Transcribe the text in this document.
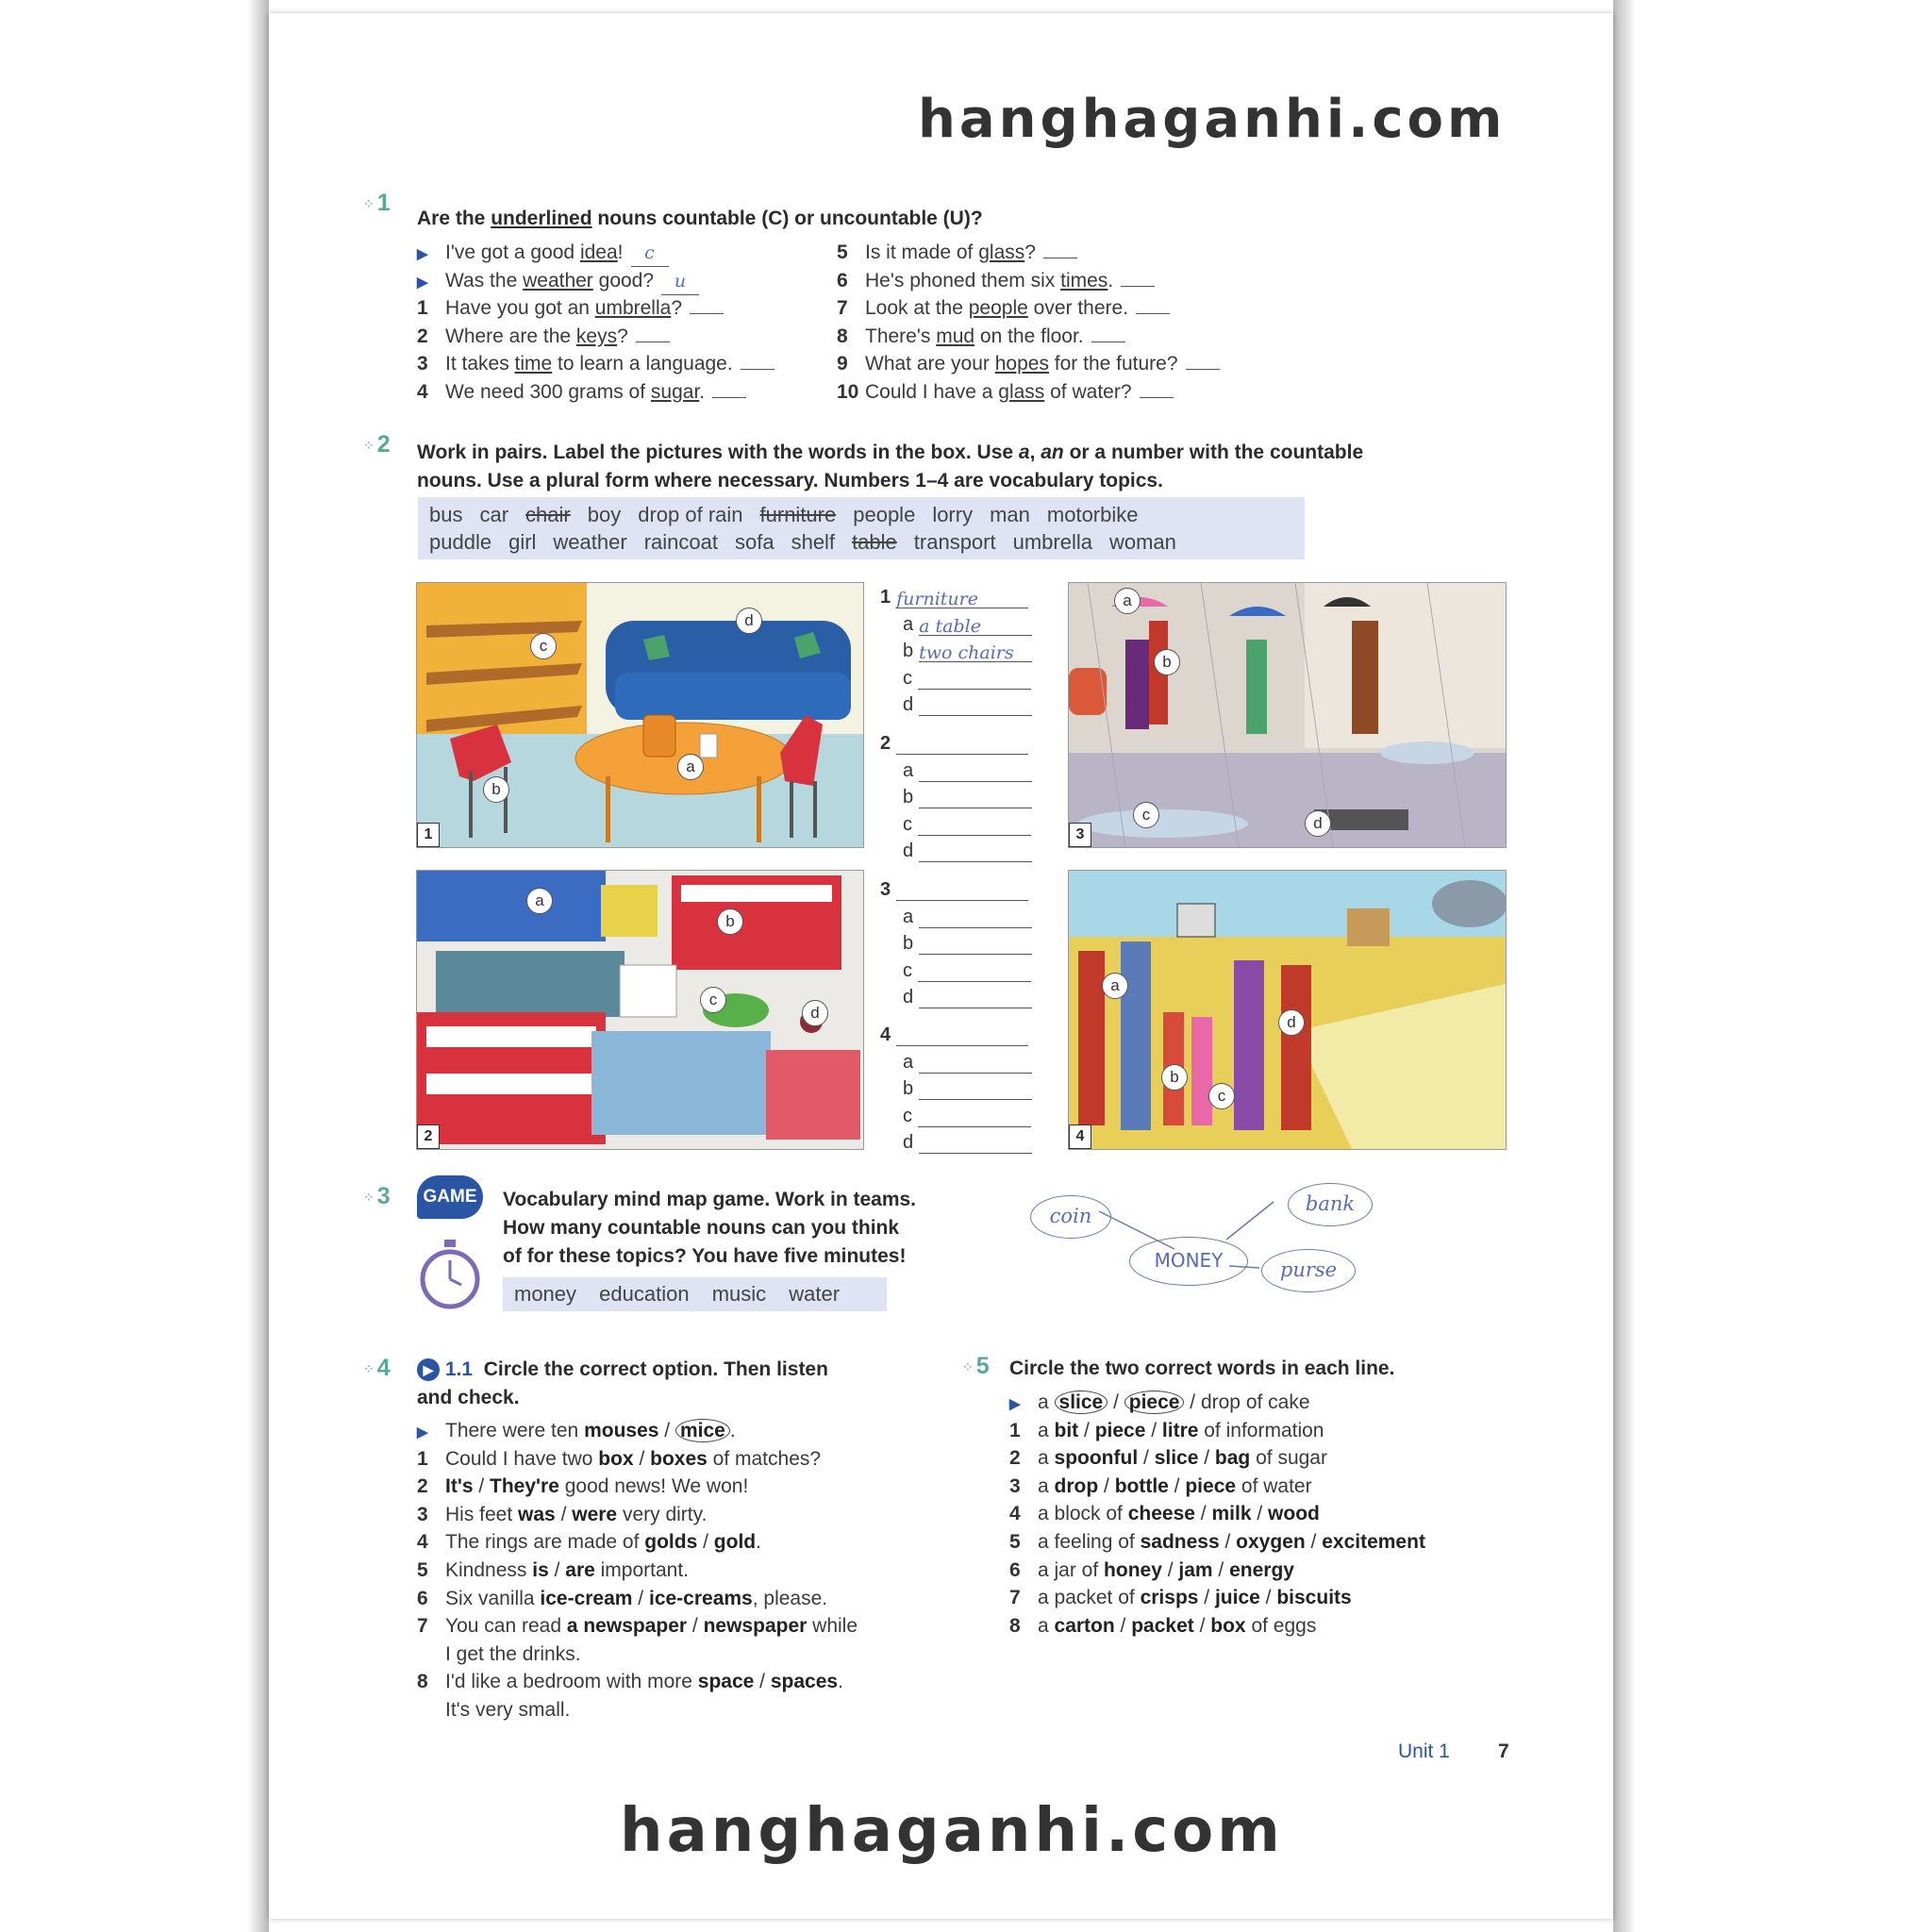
hanghaganhi.com
⁘ 1
Are the underlined nouns countable (C) or uncountable (U)?
▶ I've got a good idea! c
▶ Was the weather good? u
1 Have you got an umbrella?
2 Where are the keys?
3 It takes time to learn a language.
4 We need 300 grams of sugar.
5 Is it made of glass?
6 He's phoned them six times.
7 Look at the people over there.
8 There's mud on the floor.
9 What are your hopes for the future?
10 Could I have a glass of water?
⁘ 2 Work in pairs. Label the pictures with the words in the box. Use a, an or a number with the countable
nouns. Use a plural form where necessary. Numbers 1–4 are vocabulary topics.
bus car chair boy drop of rain furniture people lorry man motorbike
puddle girl weather raincoat sofa shelf table transport umbrella woman
a
b
c
d
1
a
b
c	d
3
a
b
c
d
2
a
b
c
d
4
1 furniture
a a table
b two chairs
c
d
2
a
b
c
d
3
a
b
c
d
4
a
b
c
d
⁘ 3	GAME	Vocabulary mind map game. Work in teams.
How many countable nouns can you think
of for these topics? You have five minutes!
money education music water
coin
bank
MONEY	purse
⁘ 4	▶ 1.1 Circle the correct option. Then listen
and check.
▶ There were ten mouses / mice .
1 Could I have two box / boxes of matches?
2 It's / They're good news! We won!
3 His feet was / were very dirty.
4 The rings are made of golds / gold.
5 Kindness is / are important.
6 Six vanilla ice-cream / ice-creams, please.
7 You can read a newspaper / newspaper while
I get the drinks.
8 I'd like a bedroom with more space / spaces.
It's very small.
⁘ 5 Circle the two correct words in each line.
▶ a slice / piece / drop of cake
1 a bit / piece / litre of information
2 a spoonful / slice / bag of sugar
3 a drop / bottle / piece of water
4 a block of cheese / milk / wood
5 a feeling of sadness / oxygen / excitement
6 a jar of honey / jam / energy
7 a packet of crisps / juice / biscuits
8 a carton / packet / box of eggs
Unit 1 7
hanghaganhi.com
